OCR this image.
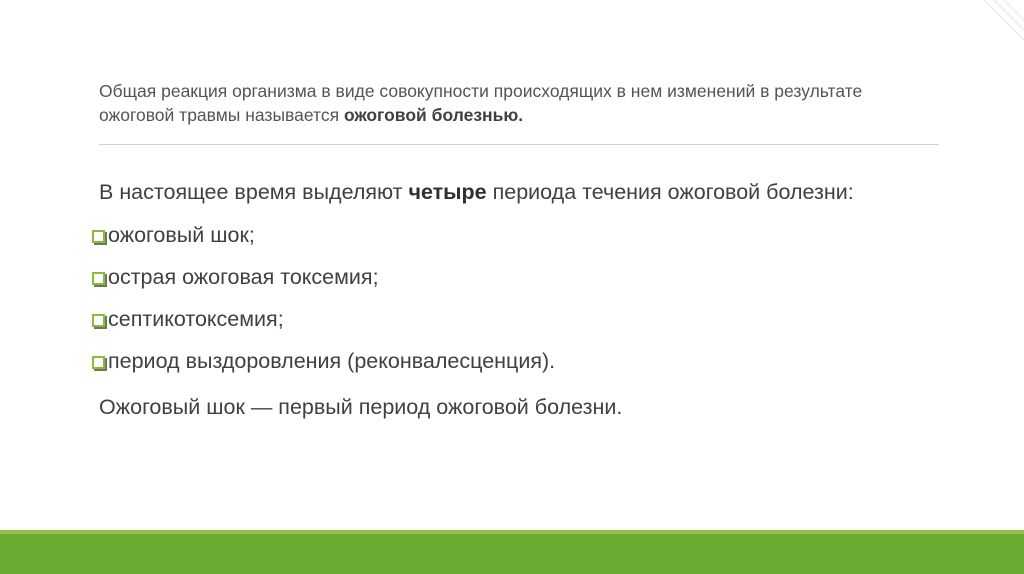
Общая реакция организма в виде совокупности происходящих в нем изменений в результате ожоговой травмы называется ожоговой болезнью.
В настоящее время выделяют четыре периода течения ожоговой болезни:
ожоговый шок;
острая ожоговая токсемия;
септикотоксемия;
период выздоровления (реконвалесценция).
Ожоговый шок — первый период ожоговой болезни.
